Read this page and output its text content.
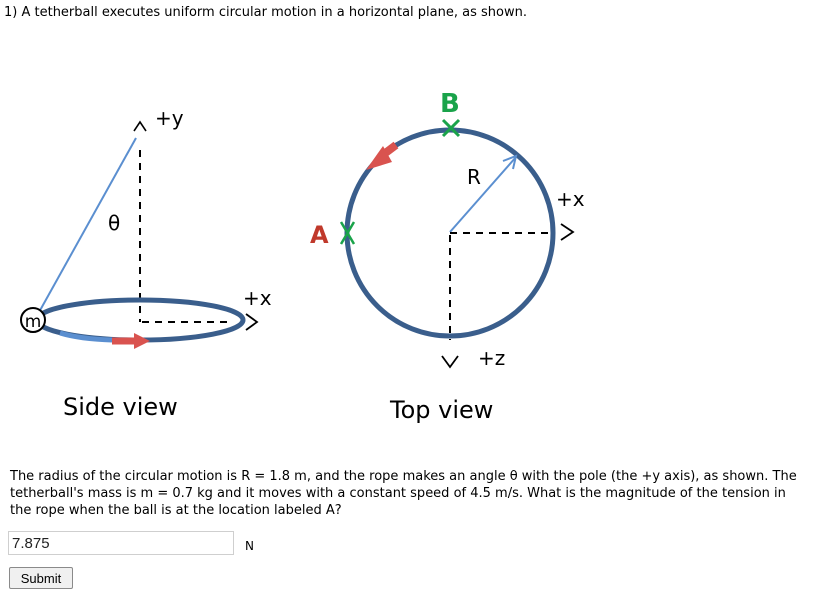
1) A tetherball executes uniform circular motion in a horizontal plane, as shown.
+y
θ
+x
m
Side view
R
+x
+z
A
B
Top view
The radius of the circular motion is R = 1.8 m, and the rope makes an angle θ with the pole (the +y axis), as shown. The
tetherball's mass is m = 0.7 kg and it moves with a constant speed of 4.5 m/s. What is the magnitude of the tension in
the rope when the ball is at the location labeled A?
7.875
N
Submit
